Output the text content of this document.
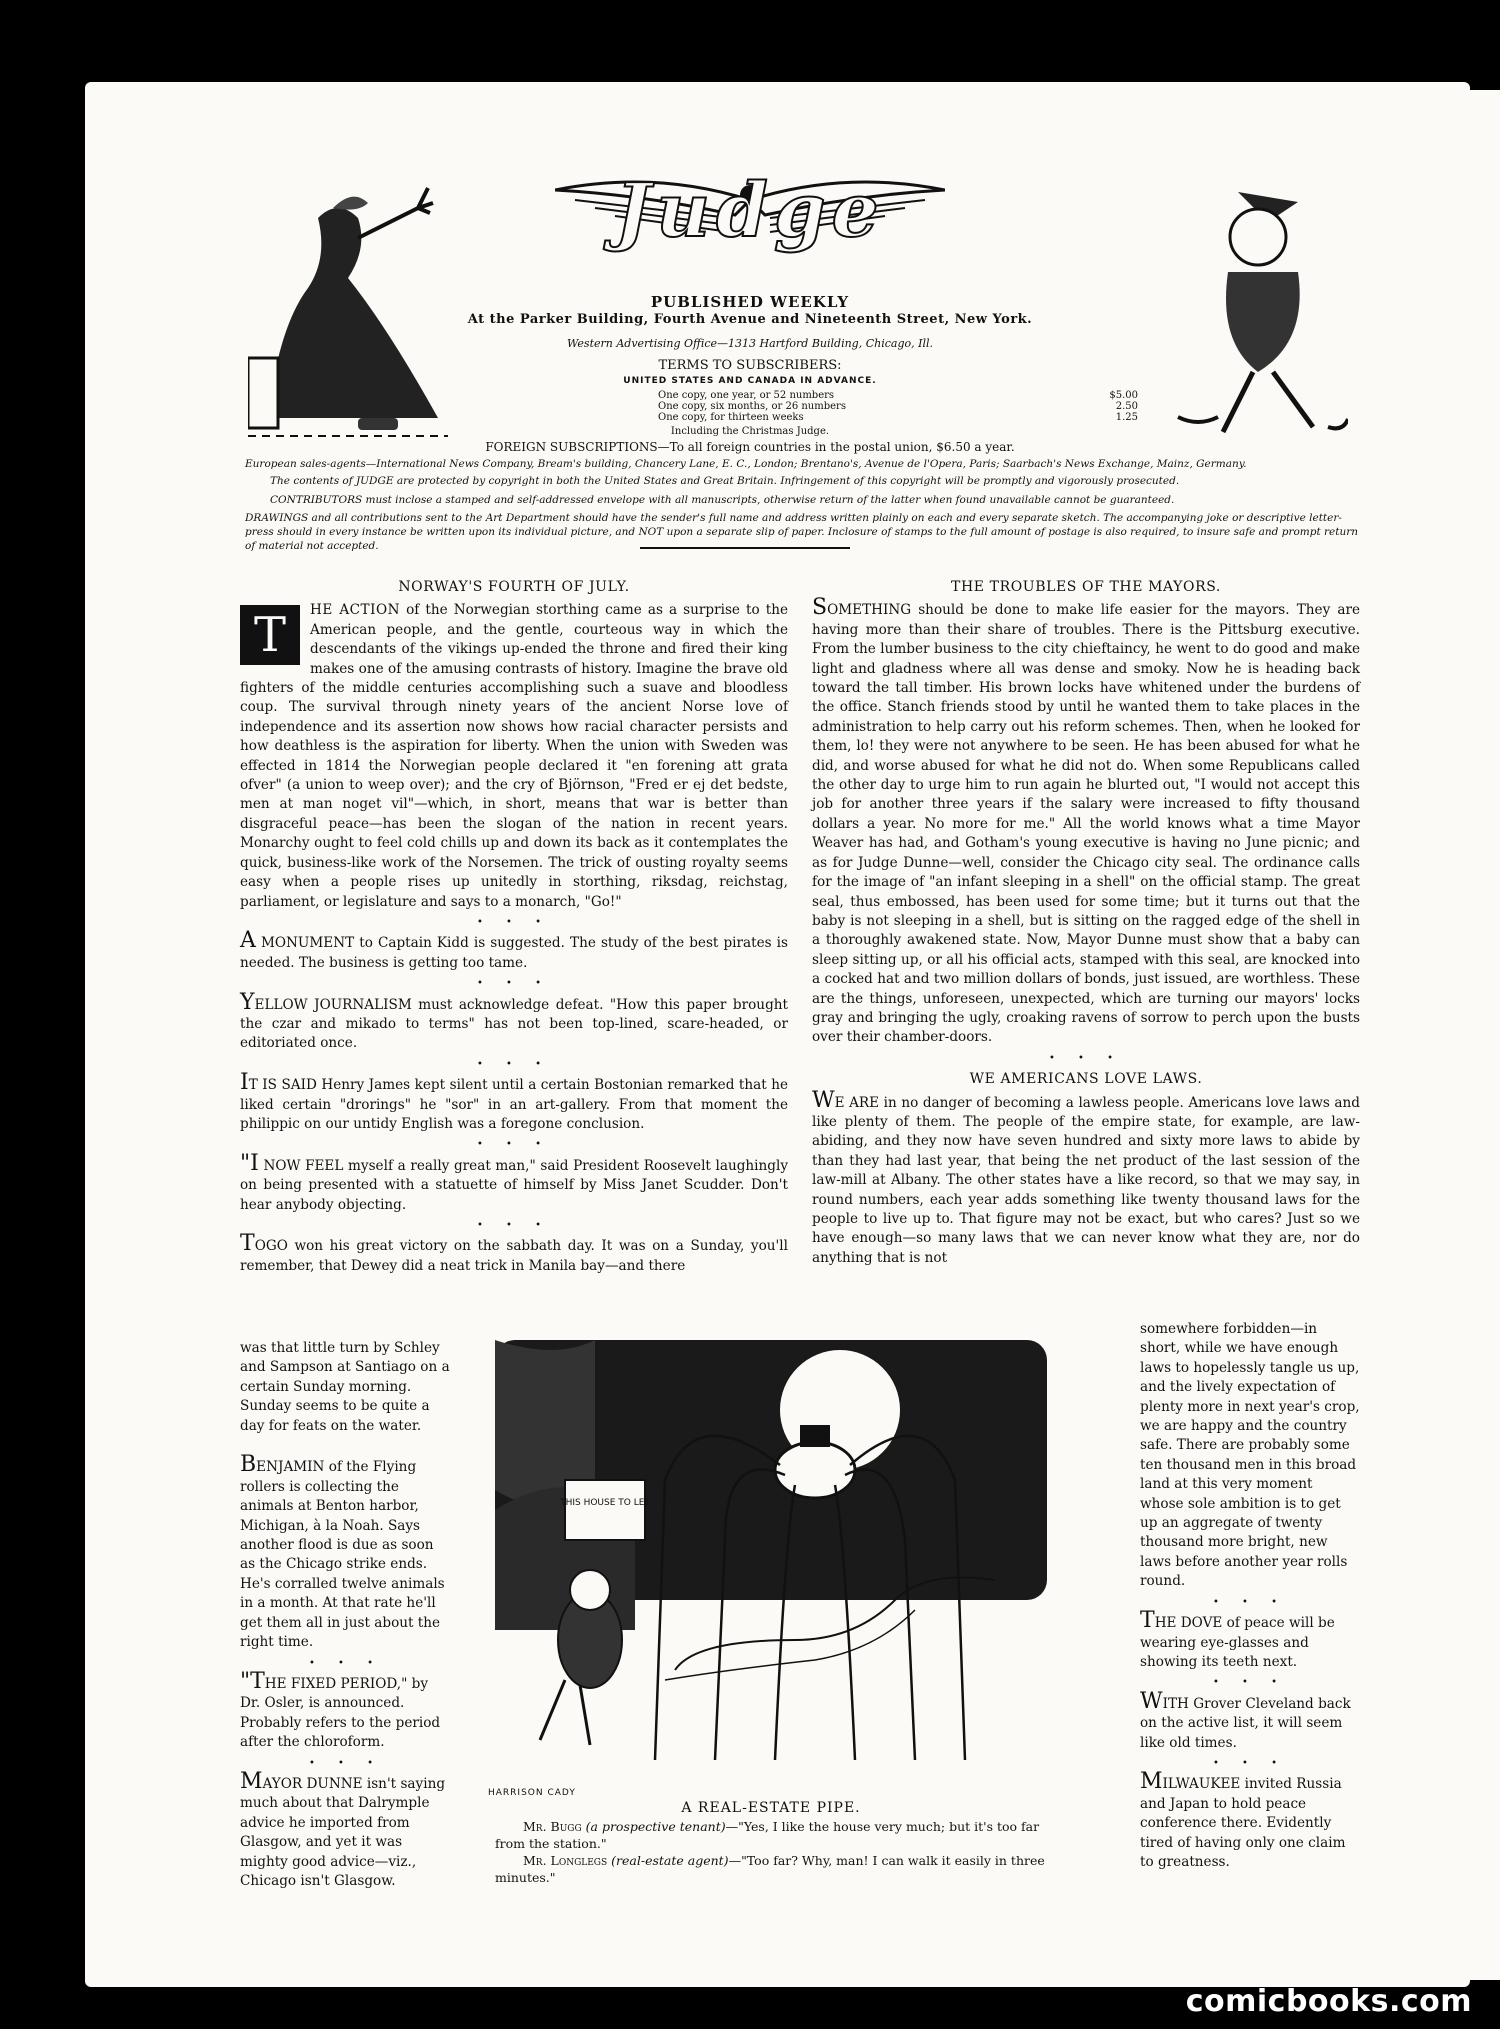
Judge
PUBLISHED WEEKLY
At the Parker Building, Fourth Avenue and Nineteenth Street, New York.
Western Advertising Office—1313 Hartford Building, Chicago, Ill.
TERMS TO SUBSCRIBERS:
UNITED STATES AND CANADA IN ADVANCE.
One copy, one year, or 52 numbers	$5.00
One copy, six months, or 26 numbers	2.50
One copy, for thirteen weeks	1.25
Including the Christmas Judge.
FOREIGN SUBSCRIPTIONS—To all foreign countries in the postal union, $6.50 a year.
European sales-agents—International News Company, Bream's building, Chancery Lane, E. C., London; Brentano's, Avenue de l'Opera, Paris; Saarbach's News Exchange, Mainz, Germany.
The contents of JUDGE are protected by copyright in both the United States and Great Britain. Infringement of this copyright will be promptly and vigorously prosecuted.
CONTRIBUTORS must inclose a stamped and self-addressed envelope with all manuscripts, otherwise return of the latter when found unavailable cannot be guaranteed.
DRAWINGS and all contributions sent to the Art Department should have the sender's full name and address written plainly on each and every separate sketch. The accompanying joke or descriptive letter-press should in every instance be written upon its individual picture, and NOT upon a separate slip of paper. Inclosure of stamps to the full amount of postage is also required, to insure safe and prompt return of material not accepted.
NORWAY'S FOURTH OF JULY.

T	HE ACTION of the Norwegian storthing came as a surprise to the American people, and the gentle, courteous way in which the descendants of the vikings up-ended the throne and fired their king makes one of the amusing contrasts of history. Imagine the brave old fighters of the middle centuries accomplishing such a suave and bloodless coup. The survival through ninety years of the ancient Norse love of independence and its assertion now shows how racial character persists and how deathless is the aspiration for liberty. When the union with Sweden was effected in 1814 the Norwegian people declared it "en forening att grata ofver" (a union to weep over); and the cry of Björnson, "Fred er ej det bedste, men at man noget vil"—which, in short, means that war is better than disgraceful peace—has been the slogan of the nation in recent years. Monarchy ought to feel cold chills up and down its back as it contemplates the quick, business-like work of the Norsemen. The trick of ousting royalty seems easy when a people rises up unitedly in storthing, riksdag, reichstag, parliament, or legislature and says to a monarch, "Go!"

• • •

A MONUMENT to Captain Kidd is suggested. The study of the best pirates is needed. The business is getting too tame.

• • •

YELLOW JOURNALISM must acknowledge defeat. "How this paper brought the czar and mikado to terms" has not been top-lined, scare-headed, or editoriated once.

• • •

IT IS SAID Henry James kept silent until a certain Bostonian remarked that he liked certain "drorings" he "sor" in an art-gallery. From that moment the philippic on our untidy English was a foregone conclusion.

• • •

"I NOW FEEL myself a really great man," said President Roosevelt laughingly on being presented with a statuette of himself by Miss Janet Scudder. Don't hear anybody objecting.

• • •

TOGO won his great victory on the sabbath day. It was on a Sunday, you'll remember, that Dewey did a neat trick in Manila bay—and there

was that little turn by Schley and Sampson at Santiago on a certain Sunday morning. Sunday seems to be quite a day for feats on the water.

BENJAMIN of the Flying rollers is collecting the animals at Benton harbor, Michigan, à la Noah. Says another flood is due as soon as the Chicago strike ends. He's corralled twelve animals in a month. At that rate he'll get them all in just about the right time.

• • •

"THE FIXED PERIOD," by Dr. Osler, is announced. Probably refers to the period after the chloroform.

• • •

MAYOR DUNNE isn't saying much about that Dalrymple advice he imported from Glasgow, and yet it was mighty good advice—viz., Chicago isn't Glasgow.

THE TROUBLES OF THE MAYORS.

SOMETHING should be done to make life easier for the mayors. They are having more than their share of troubles. There is the Pittsburg executive. From the lumber business to the city chieftaincy, he went to do good and make light and gladness where all was dense and smoky. Now he is heading back toward the tall timber. His brown locks have whitened under the burdens of the office. Stanch friends stood by until he wanted them to take places in the administration to help carry out his reform schemes. Then, when he looked for them, lo! they were not anywhere to be seen. He has been abused for what he did, and worse abused for what he did not do. When some Republicans called the other day to urge him to run again he blurted out, "I would not accept this job for another three years if the salary were increased to fifty thousand dollars a year. No more for me." All the world knows what a time Mayor Weaver has had, and Gotham's young executive is having no June picnic; and as for Judge Dunne—well, consider the Chicago city seal. The ordinance calls for the image of "an infant sleeping in a shell" on the official stamp. The great seal, thus embossed, has been used for some time; but it turns out that the baby is not sleeping in a shell, but is sitting on the ragged edge of the shell in a thoroughly awakened state. Now, Mayor Dunne must show that a baby can sleep sitting up, or all his official acts, stamped with this seal, are knocked into a cocked hat and two million dollars of bonds, just issued, are worthless. These are the things, unforeseen, unexpected, which are turning our mayors' locks gray and bringing the ugly, croaking ravens of sorrow to perch upon the busts over their chamber-doors.

• • •
WE AMERICANS LOVE LAWS.

WE ARE in no danger of becoming a lawless people. Americans love laws and like plenty of them. The people of the empire state, for example, are law-abiding, and they now have seven hundred and sixty more laws to abide by than they had last year, that being the net product of the last session of the law-mill at Albany. The other states have a like record, so that we may say, in round numbers, each year adds something like twenty thousand laws for the people to live up to. That figure may not be exact, but who cares? Just so we have enough—so many laws that we can never know what they are, nor do anything that is not

somewhere forbidden—in short, while we have enough laws to hopelessly tangle us up, and the lively expectation of plenty more in next year's crop, we are happy and the country safe. There are probably some ten thousand men in this broad land at this very moment whose sole ambition is to get up an aggregate of twenty thousand more bright, new laws before another year rolls round.

• • •

THE DOVE of peace will be wearing eye-glasses and showing its teeth next.

• • •

WITH Grover Cleveland back on the active list, it will seem like old times.

• • •

MILWAUKEE invited Russia and Japan to hold peace conference there. Evidently tired of having only one claim to greatness.

THIS HOUSE TO LET
HARRISON CADY
A REAL-ESTATE PIPE.
Mr. Bugg (a prospective tenant)—"Yes, I like the house very much; but it's too far from the station."
Mr. Longlegs (real-estate agent)—"Too far? Why, man! I can walk it easily in three minutes."
comicbooks.com
